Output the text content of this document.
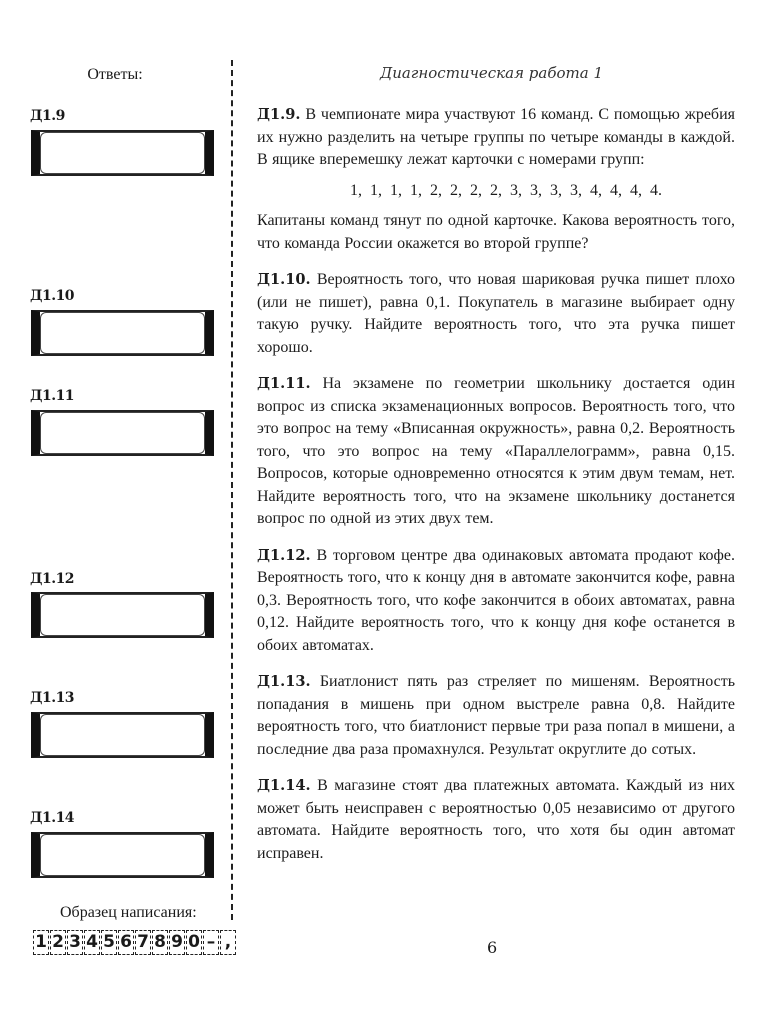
Ответы:
Д1.9
Д1.10
Д1.11
Д1.12
Д1.13
Д1.14
Образец написания:
1 2 3 4 5 6 7 8 9 0 – ,
Диагностическая работа 1
Д1.9. В чемпионате мира участвуют 16 команд. С помощью жребия их нужно разделить на четыре группы по четыре команды в каждой. В ящике вперемешку лежат карточки с номерами групп:
1, 1, 1, 1, 2, 2, 2, 2, 3, 3, 3, 3, 4, 4, 4, 4.
Капитаны команд тянут по одной карточке. Какова вероятность того, что команда России окажется во второй группе?
Д1.10. Вероятность того, что новая шариковая ручка пишет плохо (или не пишет), равна 0,1. Покупатель в магазине выбирает одну такую ручку. Найдите вероятность того, что эта ручка пишет хорошо.
Д1.11. На экзамене по геометрии школьнику достается один вопрос из списка экзаменационных вопросов. Вероятность того, что это вопрос на тему «Вписанная окружность», равна 0,2. Вероятность того, что это вопрос на тему «Параллелограмм», равна 0,15. Вопросов, которые одновременно относятся к этим двум темам, нет. Найдите вероятность того, что на экзамене школьнику достанется вопрос по одной из этих двух тем.
Д1.12. В торговом центре два одинаковых автомата продают кофе. Вероятность того, что к концу дня в автомате закончится кофе, равна 0,3. Вероятность того, что кофе закончится в обоих автоматах, равна 0,12. Найдите вероятность того, что к концу дня кофе останется в обоих автоматах.
Д1.13. Биатлонист пять раз стреляет по мишеням. Вероятность попадания в мишень при одном выстреле равна 0,8. Найдите вероятность того, что биатлонист первые три раза попал в мишени, а последние два раза промахнулся. Результат округлите до сотых.
Д1.14. В магазине стоят два платежных автомата. Каждый из них может быть неисправен с вероятностью 0,05 независимо от другого автомата. Найдите вероятность того, что хотя бы один автомат исправен.
6
